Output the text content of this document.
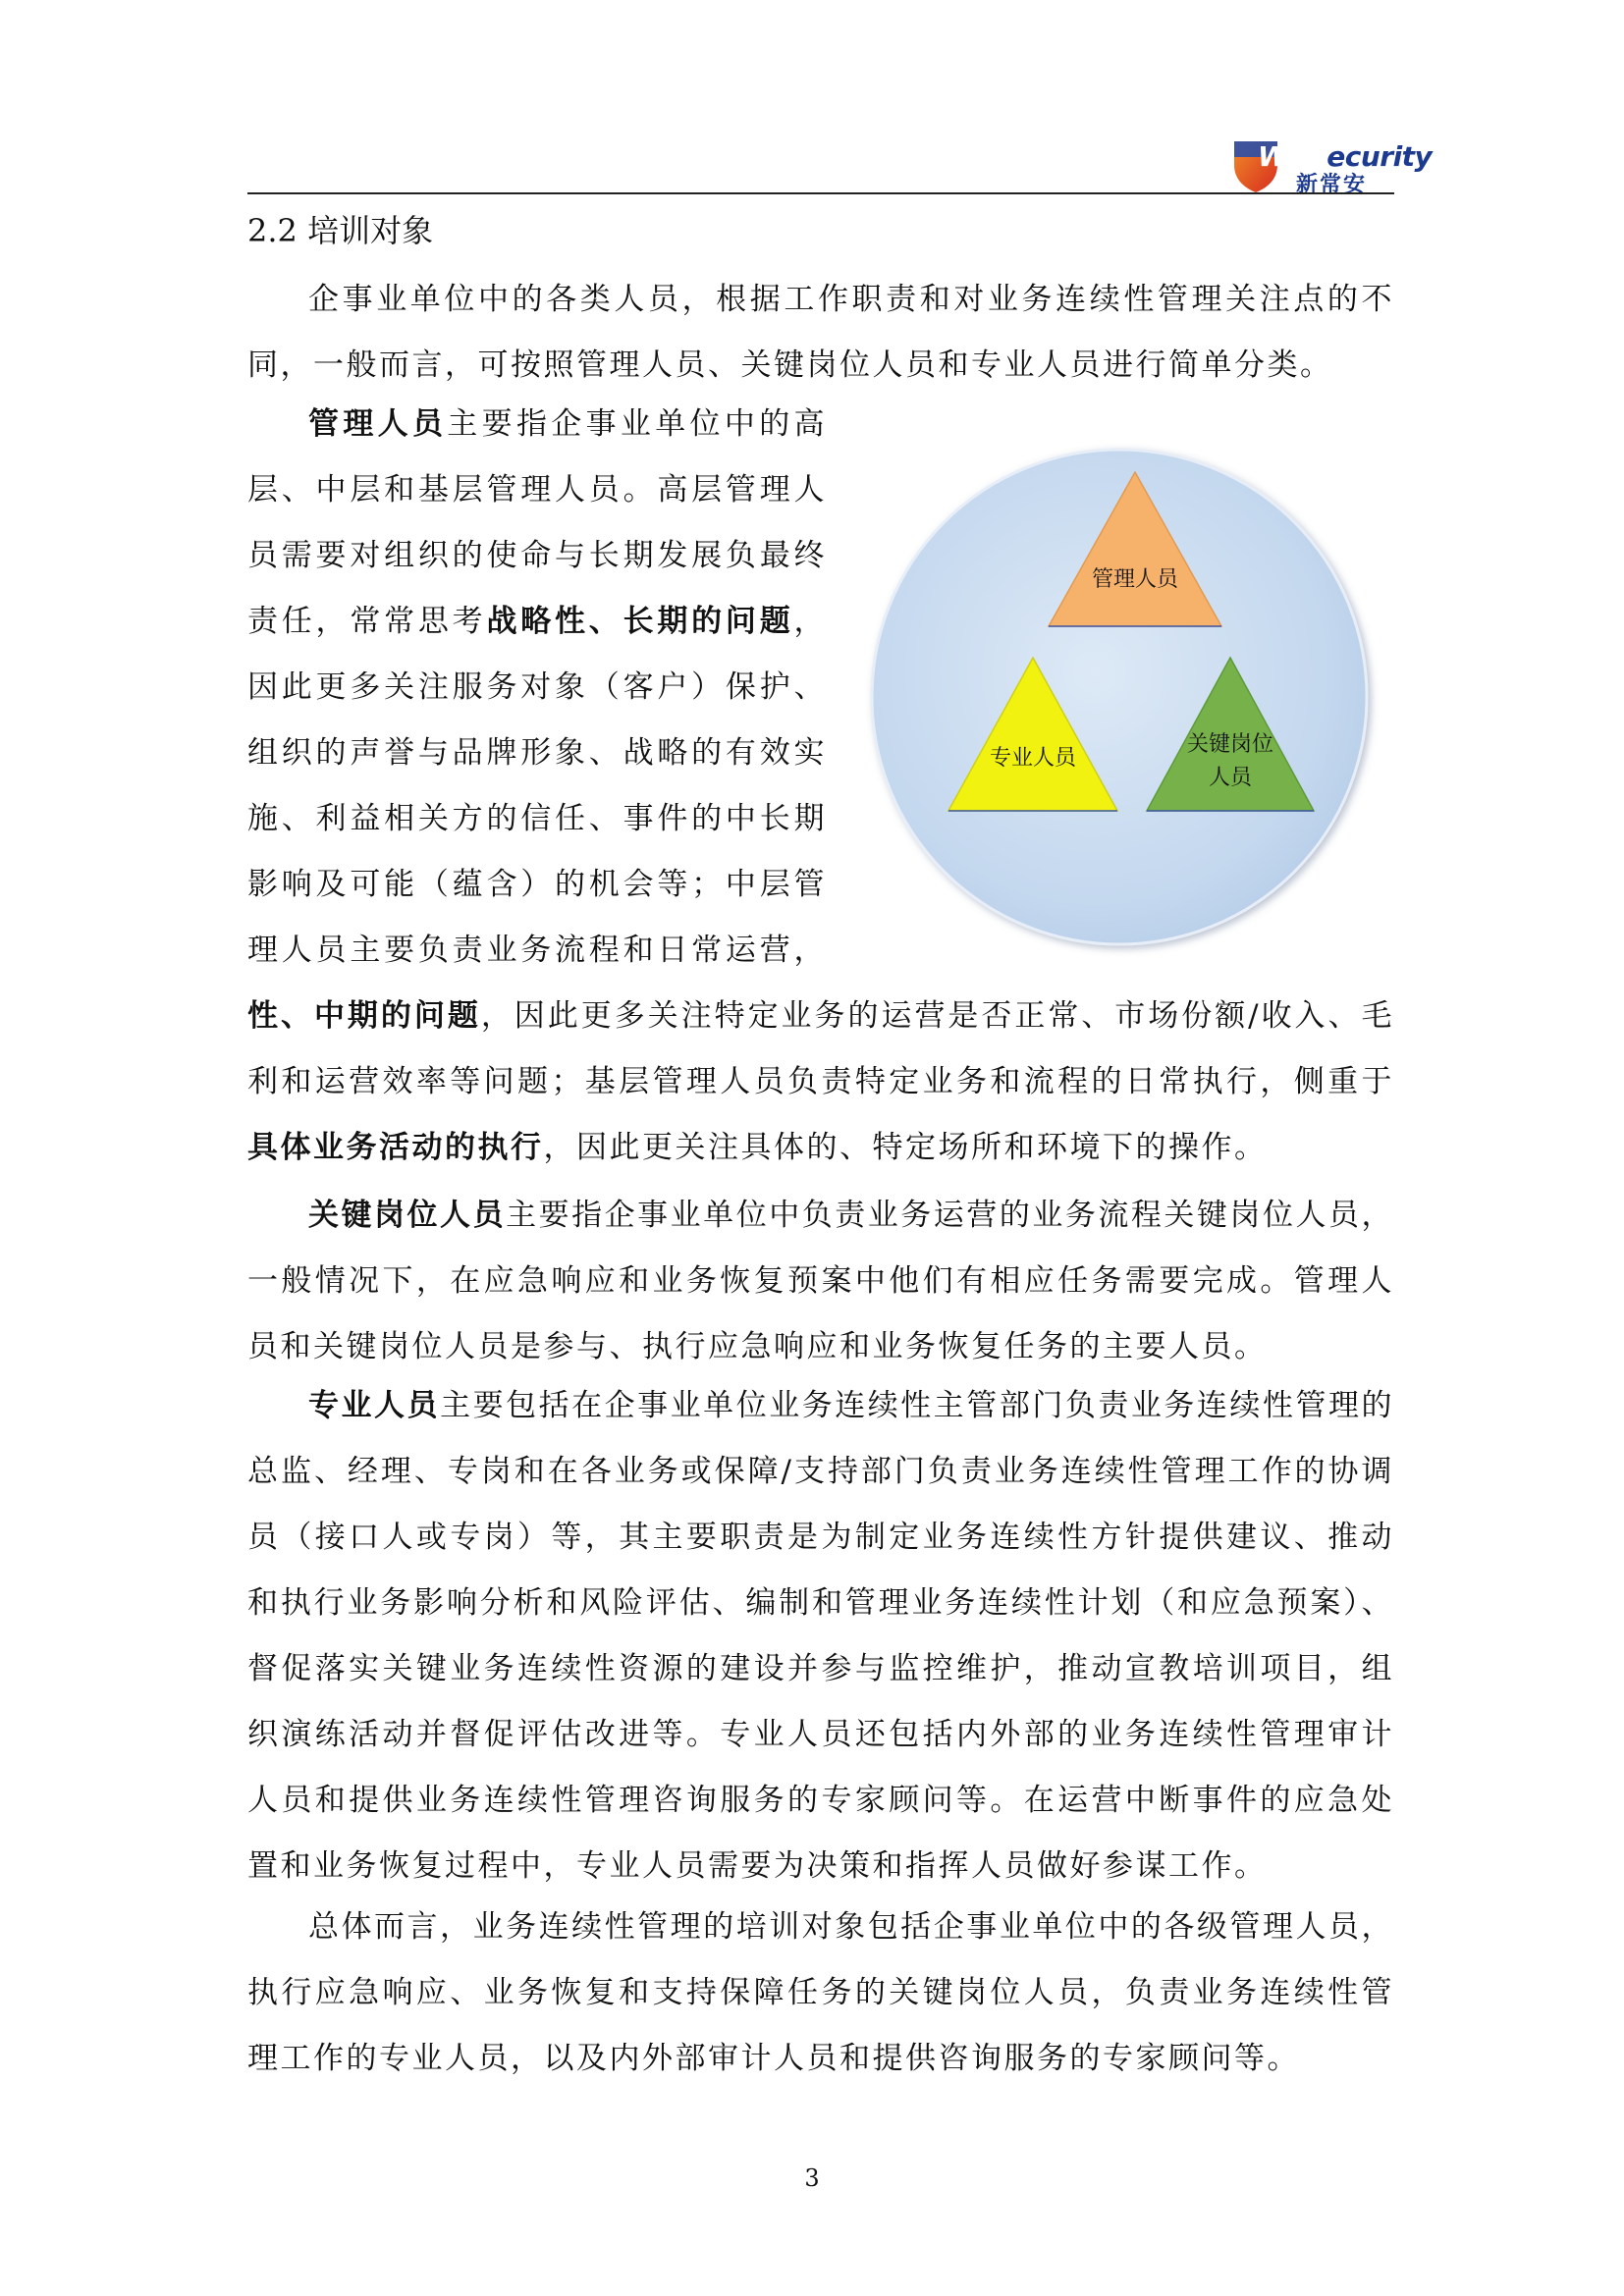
WASecurity
新常安
2.2 培训对象

企事业单位中的各类人员，根据工作职责和对业务连续性管理关注点的不同，一般而言，可按照管理人员、关键岗位人员和专业人员进行简单分类。

管理人员主要指企事业单位中的高层、中层和基层管理人员。高层管理人员需要对组织的使命与长期发展负最终责任，常常思考战略性、长期的问题，因此更多关注服务对象（客户）保护、组织的声誉与品牌形象、战略的有效实施、利益相关方的信任、事件的中长期影响及可能（蕴含）的机会等；中层管理人员主要负责业务流程和日常运营，

管理人员
专业人员
关键岗位
人员

性、中期的问题，因此更多关注特定业务的运营是否正常、市场份额/收入、毛利和运营效率等问题；基层管理人员负责特定业务和流程的日常执行，侧重于具体业务活动的执行，因此更关注具体的、特定场所和环境下的操作。

关键岗位人员主要指企事业单位中负责业务运营的业务流程关键岗位人员，一般情况下，在应急响应和业务恢复预案中他们有相应任务需要完成。管理人员和关键岗位人员是参与、执行应急响应和业务恢复任务的主要人员。

专业人员主要包括在企事业单位业务连续性主管部门负责业务连续性管理的总监、经理、专岗和在各业务或保障/支持部门负责业务连续性管理工作的协调员（接口人或专岗）等，其主要职责是为制定业务连续性方针提供建议、推动和执行业务影响分析和风险评估、编制和管理业务连续性计划（和应急预案）、督促落实关键业务连续性资源的建设并参与监控维护，推动宣教培训项目，组织演练活动并督促评估改进等。专业人员还包括内外部的业务连续性管理审计人员和提供业务连续性管理咨询服务的专家顾问等。在运营中断事件的应急处置和业务恢复过程中，专业人员需要为决策和指挥人员做好参谋工作。

总体而言，业务连续性管理的培训对象包括企事业单位中的各级管理人员，执行应急响应、业务恢复和支持保障任务的关键岗位人员，负责业务连续性管理工作的专业人员，以及内外部审计人员和提供咨询服务的专家顾问等。

3
